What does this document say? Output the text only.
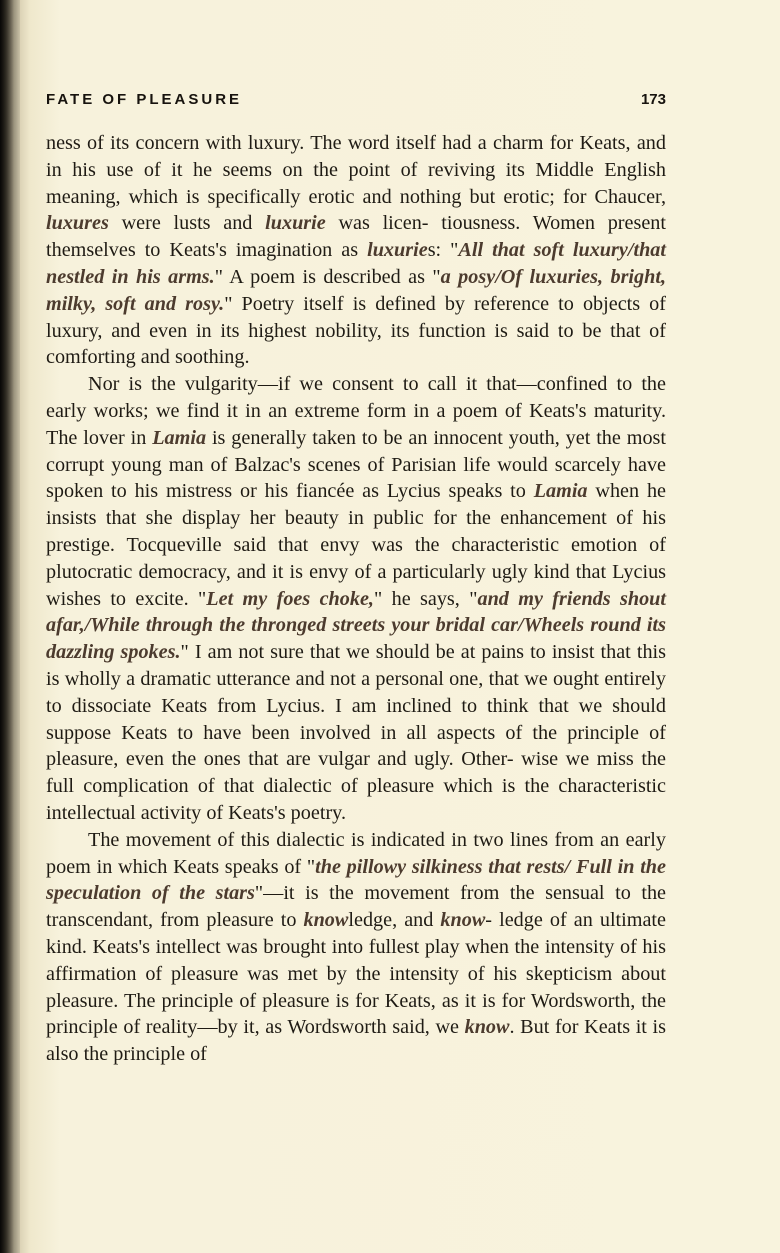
FATE OF PLEASURE	173

ness of its concern with luxury. The word itself had a charm for Keats, and in his use of it he seems on the point of reviving its Middle English meaning, which is specifically erotic and nothing but erotic; for Chaucer, luxures were lusts and luxurie was licen- tiousness. Women present themselves to Keats's imagination as luxuries: "All that soft luxury/that nestled in his arms." A poem is described as "a posy/Of luxuries, bright, milky, soft and rosy." Poetry itself is defined by reference to objects of luxury, and even in its highest nobility, its function is said to be that of comforting and soothing.

Nor is the vulgarity—if we consent to call it that—confined to the early works; we find it in an extreme form in a poem of Keats's maturity. The lover in Lamia is generally taken to be an innocent youth, yet the most corrupt young man of Balzac's scenes of Parisian life would scarcely have spoken to his mistress or his fiancée as Lycius speaks to Lamia when he insists that she display her beauty in public for the enhancement of his prestige. Tocqueville said that envy was the characteristic emotion of plutocratic democracy, and it is envy of a particularly ugly kind that Lycius wishes to excite. "Let my foes choke," he says, "and my friends shout afar,/While through the thronged streets your bridal car/Wheels round its dazzling spokes." I am not sure that we should be at pains to insist that this is wholly a dramatic utterance and not a personal one, that we ought entirely to dissociate Keats from Lycius. I am inclined to think that we should suppose Keats to have been involved in all aspects of the principle of pleasure, even the ones that are vulgar and ugly. Other- wise we miss the full complication of that dialectic of pleasure which is the characteristic intellectual activity of Keats's poetry.

The movement of this dialectic is indicated in two lines from an early poem in which Keats speaks of "the pillowy silkiness that rests/ Full in the speculation of the stars"—it is the movement from the sensual to the transcendant, from pleasure to knowledge, and know- ledge of an ultimate kind. Keats's intellect was brought into fullest play when the intensity of his affirmation of pleasure was met by the intensity of his skepticism about pleasure. The principle of pleasure is for Keats, as it is for Wordsworth, the principle of reality—by it, as Wordsworth said, we know. But for Keats it is also the principle of
